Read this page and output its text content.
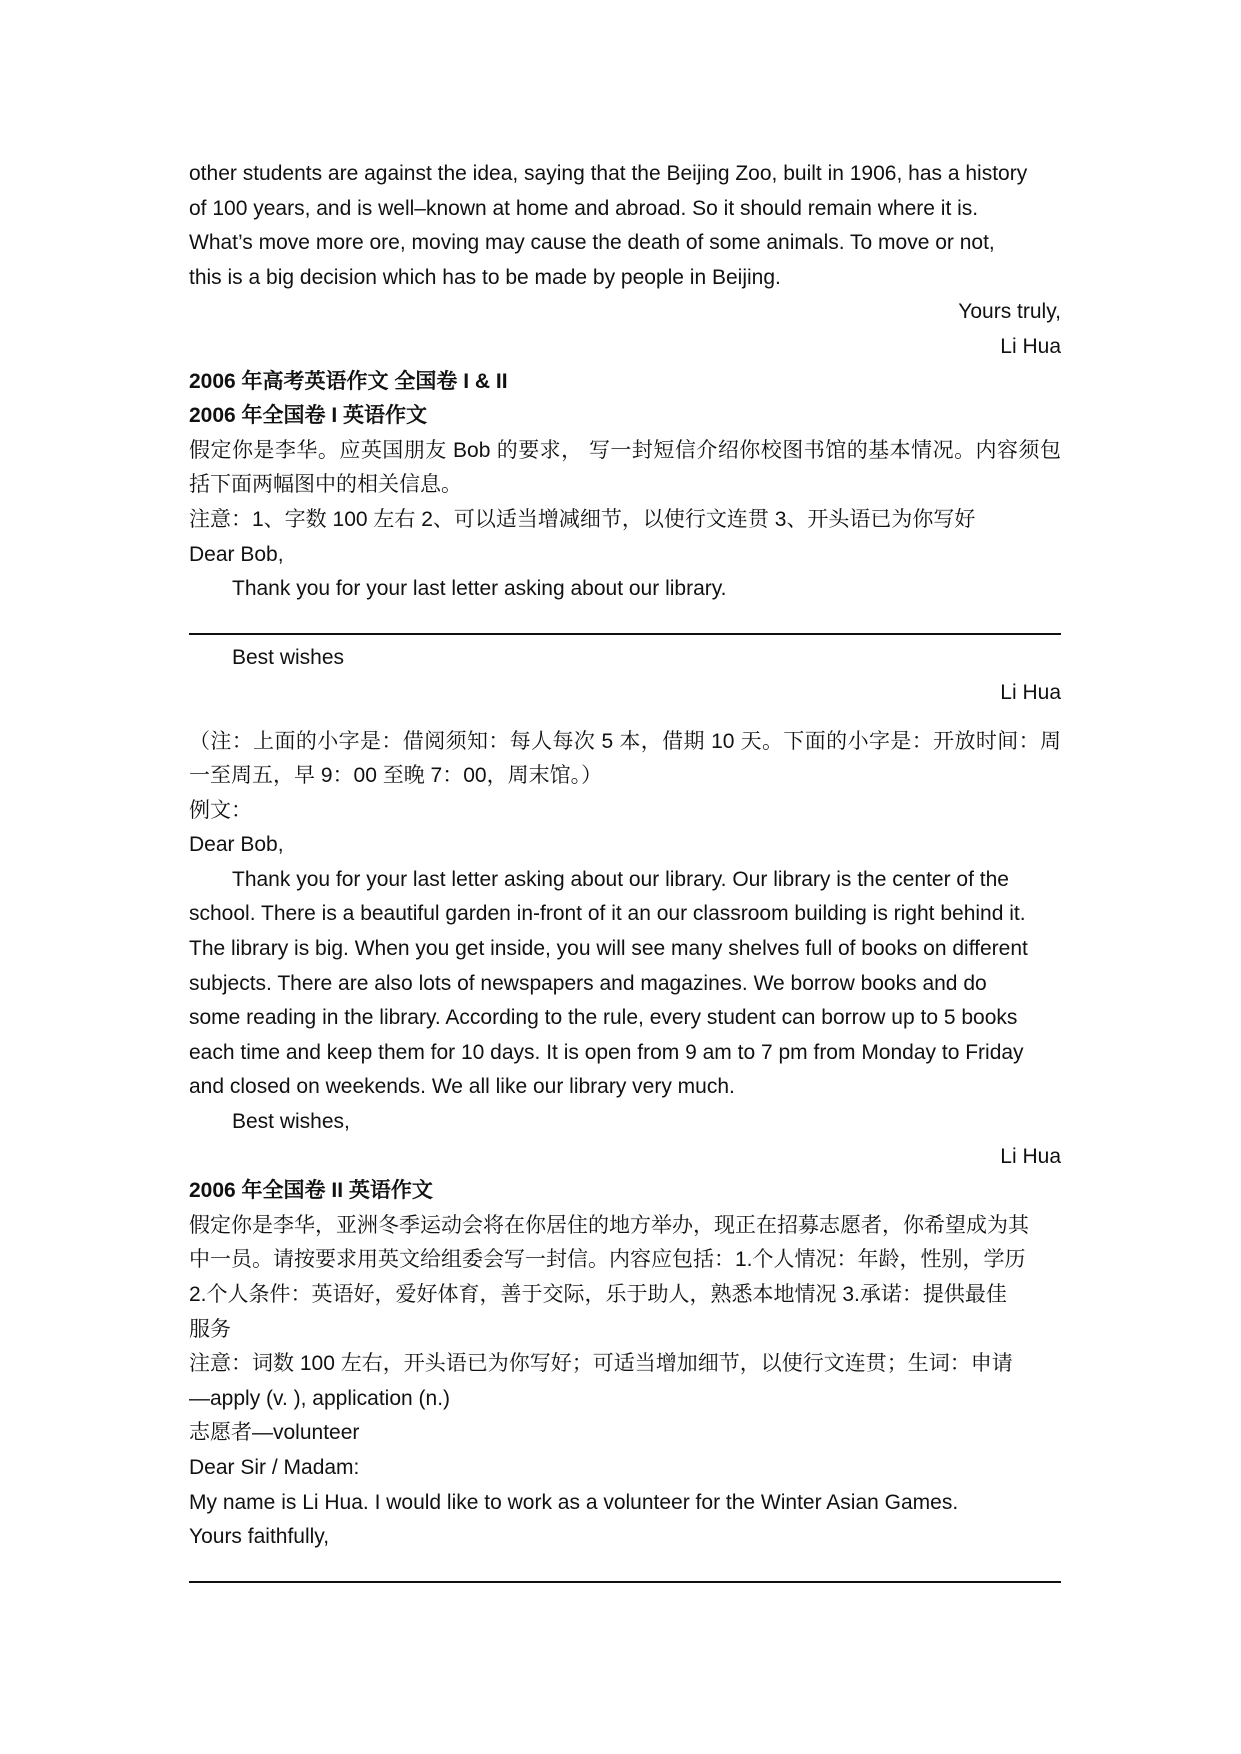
other students are against the idea, saying that the Beijing Zoo, built in 1906, has a history
of 100 years, and is well–known at home and abroad. So it should remain where it is.
What’s move more ore, moving may cause the death of some animals. To move or not,
this is a big decision which has to be made by people in Beijing.
Yours truly,
Li Hua
2006 年高考英语作文 全国卷 I & II
2006 年全国卷 I 英语作文
假定你是李华。应英国朋友 Bob 的要求， 写一封短信介绍你校图书馆的基本情况。内容须包括下面两幅图中的相关信息。
注意：1、字数 100 左右 2、可以适当增减细节，以使行文连贯 3、开头语已为你写好
Dear Bob,
Thank you for your last letter asking about our library.
Best wishes
Li Hua
（注：上面的小字是：借阅须知：每人每次 5 本，借期 10 天。下面的小字是：开放时间：周一至周五，早 9：00 至晚 7：00，周末馆。）
例文：
Dear Bob,
Thank you for your last letter asking about our library. Our library is the center of the
school. There is a beautiful garden in-front of it an our classroom building is right behind it.
The library is big. When you get inside, you will see many shelves full of books on different
subjects. There are also lots of newspapers and magazines. We borrow books and do
some reading in the library. According to the rule, every student can borrow up to 5 books
each time and keep them for 10 days. It is open from 9 am to 7 pm from Monday to Friday
and closed on weekends. We all like our library very much.
Best wishes,
Li Hua
2006 年全国卷 II 英语作文
假定你是李华，亚洲冬季运动会将在你居住的地方举办，现正在招募志愿者，你希望成为其
中一员。请按要求用英文给组委会写一封信。内容应包括：1.个人情况：年龄，性别，学历
2.个人条件：英语好，爱好体育，善于交际，乐于助人，熟悉本地情况 3.承诺：提供最佳
服务
注意：词数 100 左右，开头语已为你写好；可适当增加细节，以使行文连贯；生词：申请
—apply (v. ), application (n.)
志愿者—volunteer
Dear Sir / Madam:
My name is Li Hua. I would like to work as a volunteer for the Winter Asian Games.
Yours faithfully,
